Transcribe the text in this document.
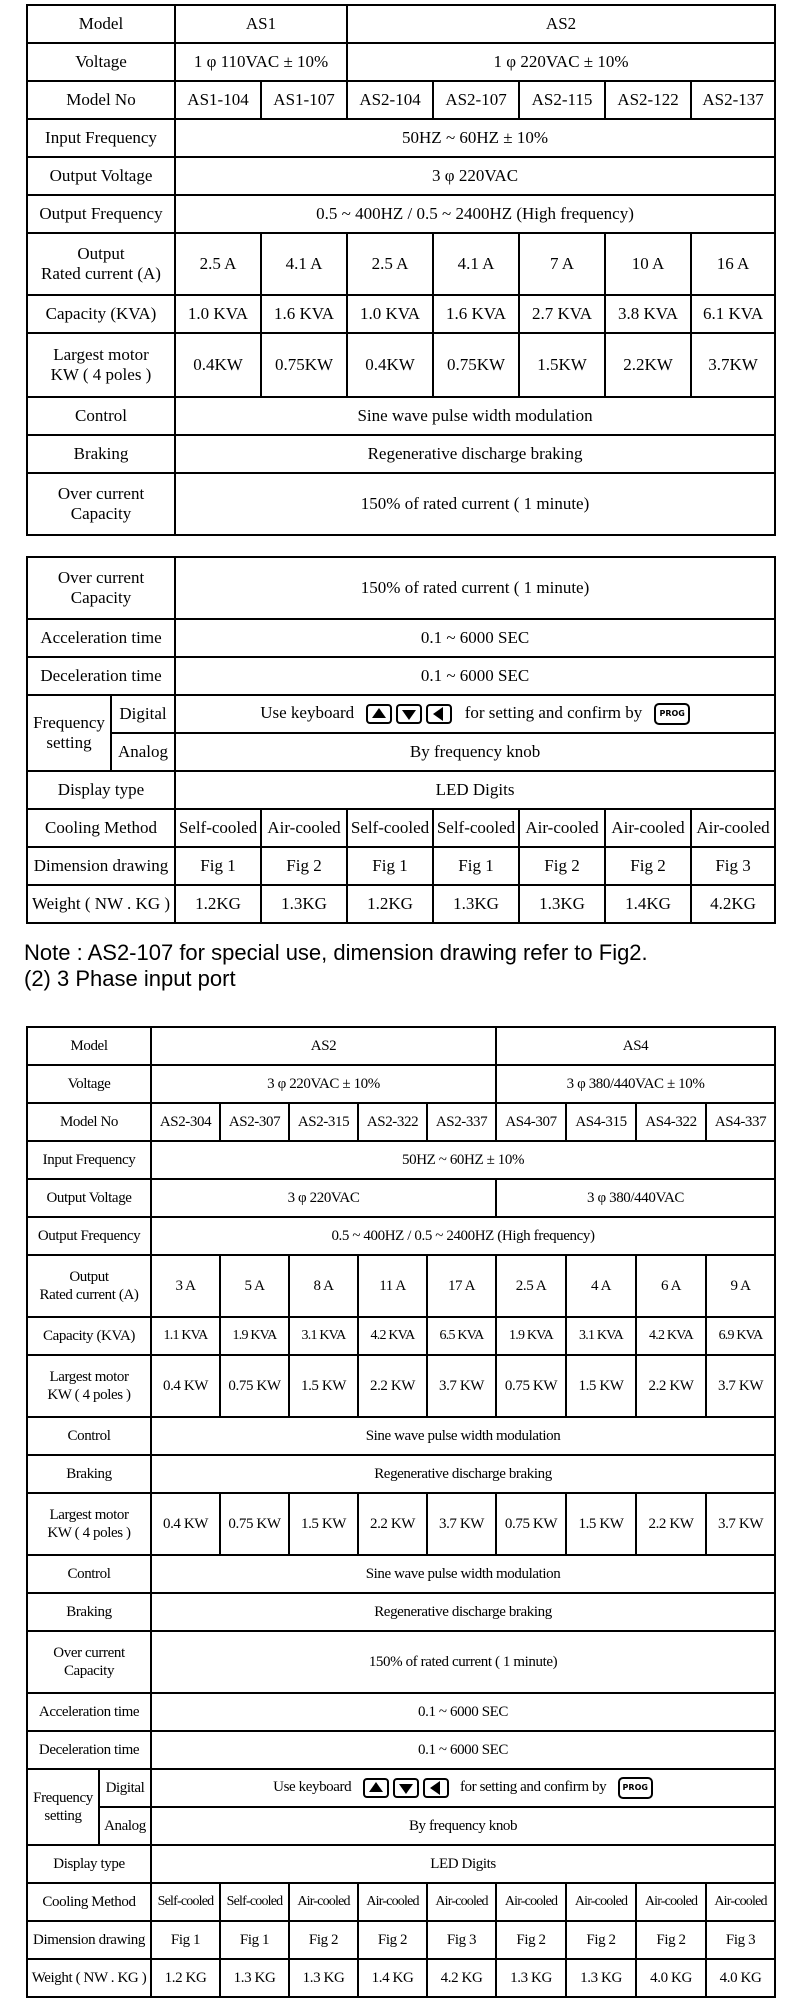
Model	AS1		AS2				
Voltage	1 φ 110VAC ± 10%		1 φ 220VAC ± 10%				
Model No	AS1-104	AS1-107	AS2-104	AS2-107	AS2-115	AS2-122	AS2-137
Input Frequency	50HZ ~ 60HZ ± 10%						
Output Voltage	3 φ 220VAC						
Output Frequency	0.5 ~ 400HZ / 0.5 ~ 2400HZ (High frequency)						
Output
Rated current (A)	2.5 A	4.1 A	2.5 A	4.1 A	7 A	10 A	16 A
Capacity (KVA)	1.0 KVA	1.6 KVA	1.0 KVA	1.6 KVA	2.7 KVA	3.8 KVA	6.1 KVA
Largest motor
KW ( 4 poles )	0.4KW	0.75KW	0.4KW	0.75KW	1.5KW	2.2KW	3.7KW
Control	Sine wave pulse width modulation						
Braking	Regenerative discharge braking						
Over current
Capacity	150% of rated current ( 1 minute)						
Over current
Capacity		150% of rated current ( 1 minute)						
Acceleration time		0.1 ~ 6000 SEC						
Deceleration time		0.1 ~ 6000 SEC						
Frequency
setting	Digital	Use keyboard for setting and confirm by PROG						
	Analog	By frequency knob						
Display type		LED Digits						
Cooling Method		Self-cooled	Air-cooled	Self-cooled	Self-cooled	Air-cooled	Air-cooled	Air-cooled
Dimension drawing		Fig 1	Fig 2	Fig 1	Fig 1	Fig 2	Fig 2	Fig 3
Weight ( NW . KG )		1.2KG	1.3KG	1.2KG	1.3KG	1.3KG	1.4KG	4.2KG

Note : AS2-107 for special use, dimension drawing refer to Fig2.

(2) 3 Phase input port

Model		AS2					AS4			
Voltage		3 φ 220VAC ± 10%					3 φ 380/440VAC ± 10%			
Model No		AS2-304	AS2-307	AS2-315	AS2-322	AS2-337	AS4-307	AS4-315	AS4-322	AS4-337
Input Frequency		50HZ ~ 60HZ ± 10%								
Output Voltage		3 φ 220VAC					3 φ 380/440VAC			
Output Frequency		0.5 ~ 400HZ / 0.5 ~ 2400HZ (High frequency)								
Output
Rated current (A)		3 A	5 A	8 A	11 A	17 A	2.5 A	4 A	6 A	9 A
Capacity (KVA)		1.1 KVA	1.9 KVA	3.1 KVA	4.2 KVA	6.5 KVA	1.9 KVA	3.1 KVA	4.2 KVA	6.9 KVA
Largest motor
KW ( 4 poles )		0.4 KW	0.75 KW	1.5 KW	2.2 KW	3.7 KW	0.75 KW	1.5 KW	2.2 KW	3.7 KW
Control		Sine wave pulse width modulation								
Braking		Regenerative discharge braking								
Largest motor
KW ( 4 poles )		0.4 KW	0.75 KW	1.5 KW	2.2 KW	3.7 KW	0.75 KW	1.5 KW	2.2 KW	3.7 KW
Control		Sine wave pulse width modulation								
Braking		Regenerative discharge braking								
Over current
Capacity		150% of rated current ( 1 minute)								
Acceleration time		0.1 ~ 6000 SEC								
Deceleration time		0.1 ~ 6000 SEC								
Frequency
setting	Digital	Use keyboard for setting and confirm by PROG								
	Analog	By frequency knob								
Display type		LED Digits								
Cooling Method		Self-cooled	Self-cooled	Air-cooled	Air-cooled	Air-cooled	Air-cooled	Air-cooled	Air-cooled	Air-cooled
Dimension drawing		Fig 1	Fig 1	Fig 2	Fig 2	Fig 3	Fig 2	Fig 2	Fig 2	Fig 3
Weight ( NW . KG )		1.2 KG	1.3 KG	1.3 KG	1.4 KG	4.2 KG	1.3 KG	1.3 KG	4.0 KG	4.0 KG
